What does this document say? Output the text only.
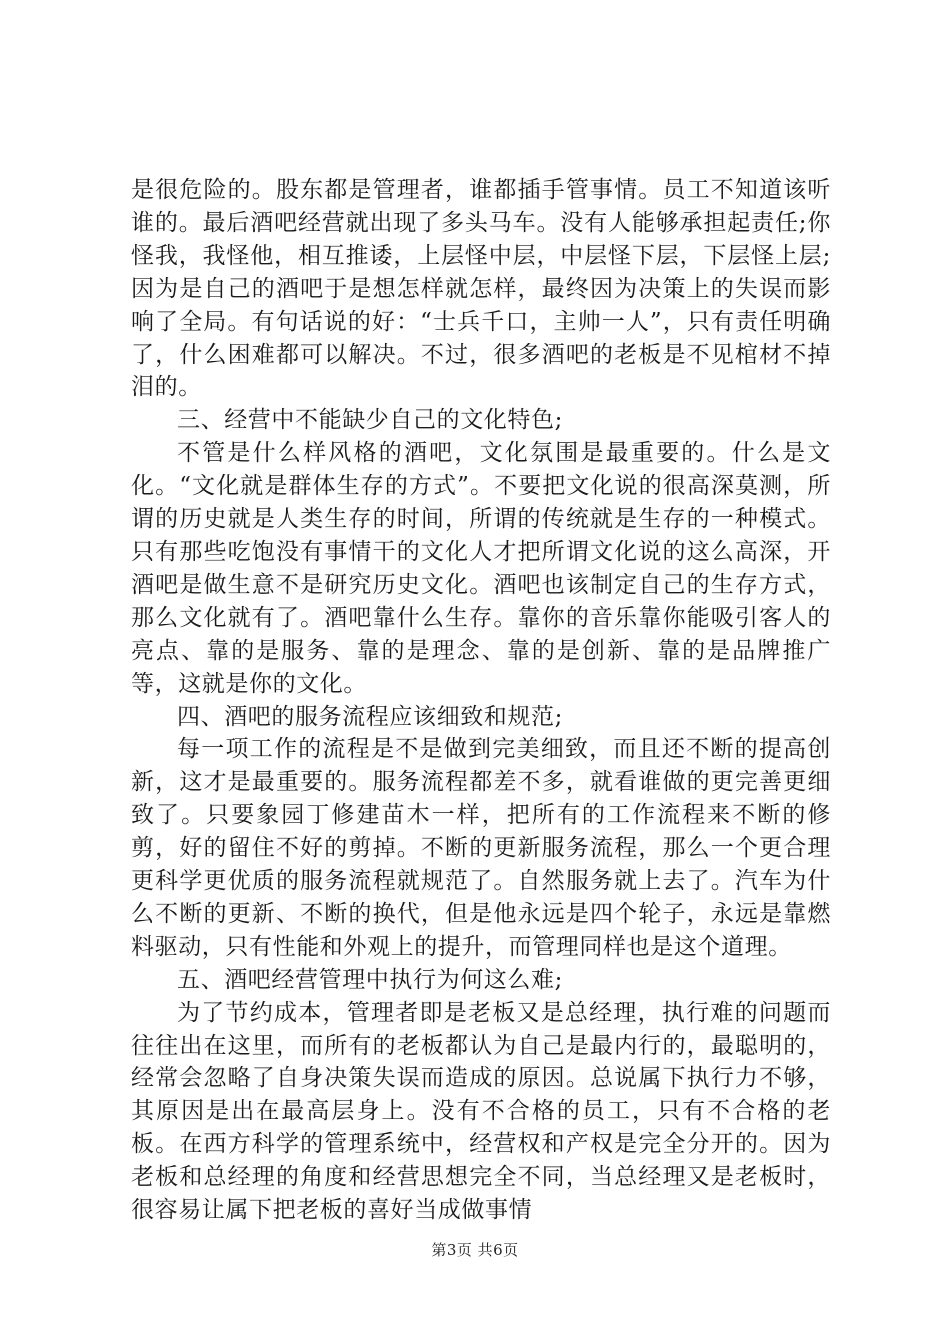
是很危险的。股东都是管理者，谁都插手管事情。员工不知道该听谁的。最后酒吧经营就出现了多头马车。没有人能够承担起责任;你怪我，我怪他，相互推诿，上层怪中层，中层怪下层，下层怪上层;因为是自己的酒吧于是想怎样就怎样，最终因为决策上的失误而影响了全局。有句话说的好：“士兵千口，主帅一人”，只有责任明确了，什么困难都可以解决。不过，很多酒吧的老板是不见棺材不掉泪的。

三、经营中不能缺少自己的文化特色;

不管是什么样风格的酒吧，文化氛围是最重要的。什么是文化。“文化就是群体生存的方式”。不要把文化说的很高深莫测，所谓的历史就是人类生存的时间，所谓的传统就是生存的一种模式。只有那些吃饱没有事情干的文化人才把所谓文化说的这么高深，开酒吧是做生意不是研究历史文化。酒吧也该制定自己的生存方式，那么文化就有了。酒吧靠什么生存。靠你的音乐靠你能吸引客人的亮点、靠的是服务、靠的是理念、靠的是创新、靠的是品牌推广等，这就是你的文化。

四、酒吧的服务流程应该细致和规范;

每一项工作的流程是不是做到完美细致，而且还不断的提高创新，这才是最重要的。服务流程都差不多，就看谁做的更完善更细致了。只要象园丁修建苗木一样，把所有的工作流程来不断的修剪，好的留住不好的剪掉。不断的更新服务流程，那么一个更合理更科学更优质的服务流程就规范了。自然服务就上去了。汽车为什么不断的更新、不断的换代，但是他永远是四个轮子，永远是靠燃料驱动，只有性能和外观上的提升，而管理同样也是这个道理。

五、酒吧经营管理中执行为何这么难;

为了节约成本，管理者即是老板又是总经理，执行难的问题而往往出在这里，而所有的老板都认为自己是最内行的，最聪明的，经常会忽略了自身决策失误而造成的原因。总说属下执行力不够，其原因是出在最高层身上。没有不合格的员工，只有不合格的老板。在西方科学的管理系统中，经营权和产权是完全分开的。因为老板和总经理的角度和经营思想完全不同，当总经理又是老板时，很容易让属下把老板的喜好当成做事情

第3页 共6页
